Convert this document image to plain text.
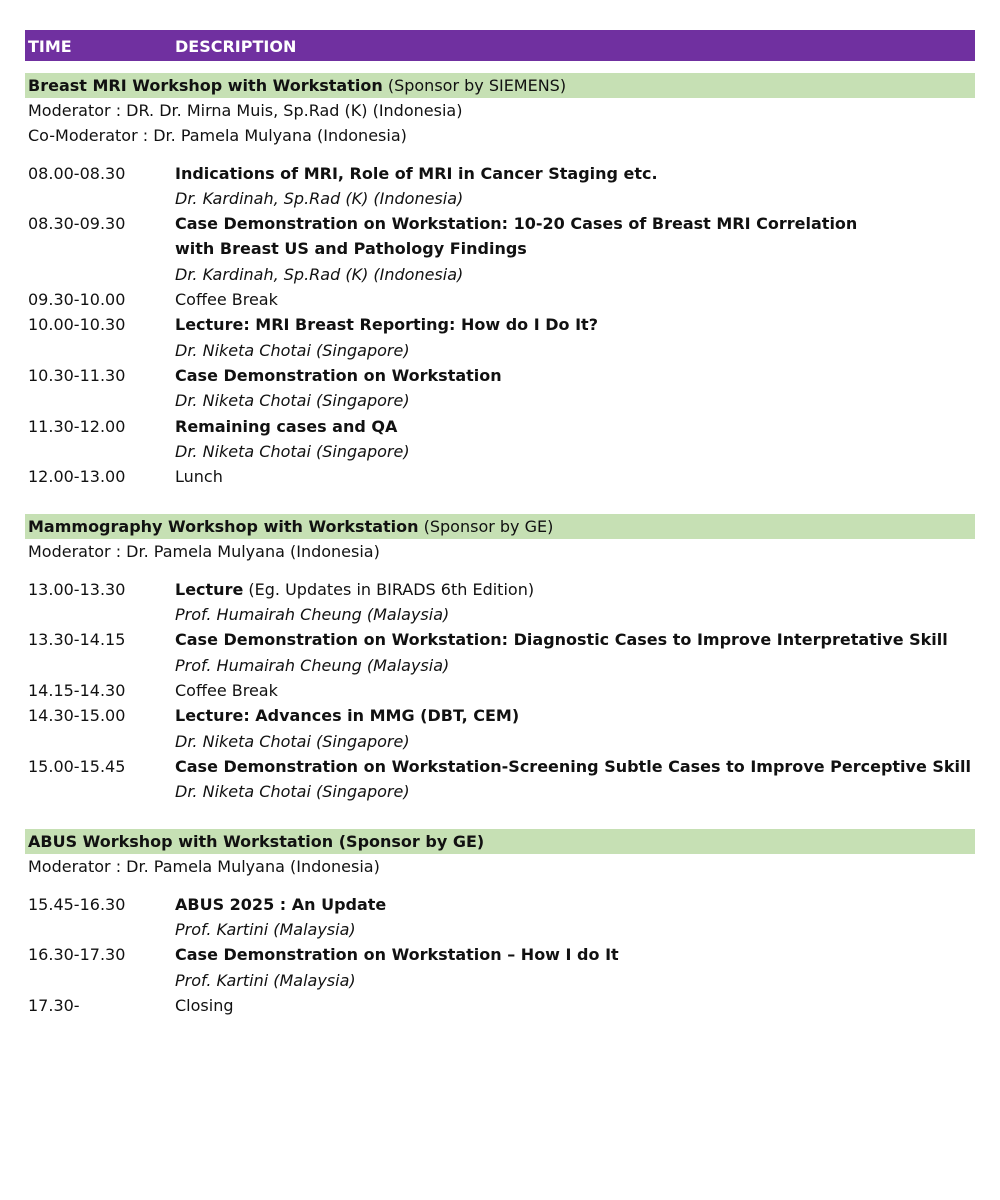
TIME	DESCRIPTION
Breast MRI Workshop with Workstation (Sponsor by SIEMENS)
Moderator : DR. Dr. Mirna Muis, Sp.Rad (K) (Indonesia)
Co-Moderator : Dr. Pamela Mulyana (Indonesia)
08.00-08.30	Indications of MRI, Role of MRI in Cancer Staging etc.
Dr. Kardinah, Sp.Rad (K) (Indonesia)
08.30-09.30	Case Demonstration on Workstation: 10-20 Cases of Breast MRI Correlation
with Breast US and Pathology Findings
Dr. Kardinah, Sp.Rad (K) (Indonesia)
09.30-10.00	Coffee Break
10.00-10.30	Lecture: MRI Breast Reporting: How do I Do It?
Dr. Niketa Chotai (Singapore)
10.30-11.30	Case Demonstration on Workstation
Dr. Niketa Chotai (Singapore)
11.30-12.00	Remaining cases and QA
Dr. Niketa Chotai (Singapore)
12.00-13.00	Lunch
Mammography Workshop with Workstation (Sponsor by GE)
Moderator : Dr. Pamela Mulyana (Indonesia)
13.00-13.30	Lecture (Eg. Updates in BIRADS 6th Edition)
Prof. Humairah Cheung (Malaysia)
13.30-14.15	Case Demonstration on Workstation: Diagnostic Cases to Improve Interpretative Skill
Prof. Humairah Cheung (Malaysia)
14.15-14.30	Coffee Break
14.30-15.00	Lecture: Advances in MMG (DBT, CEM)
Dr. Niketa Chotai (Singapore)
15.00-15.45	Case Demonstration on Workstation-Screening Subtle Cases to Improve Perceptive Skill
Dr. Niketa Chotai (Singapore)
ABUS Workshop with Workstation (Sponsor by GE)
Moderator : Dr. Pamela Mulyana (Indonesia)
15.45-16.30	ABUS 2025 : An Update
Prof. Kartini (Malaysia)
16.30-17.30	Case Demonstration on Workstation – How I do It
Prof. Kartini (Malaysia)
17.30-	Closing
